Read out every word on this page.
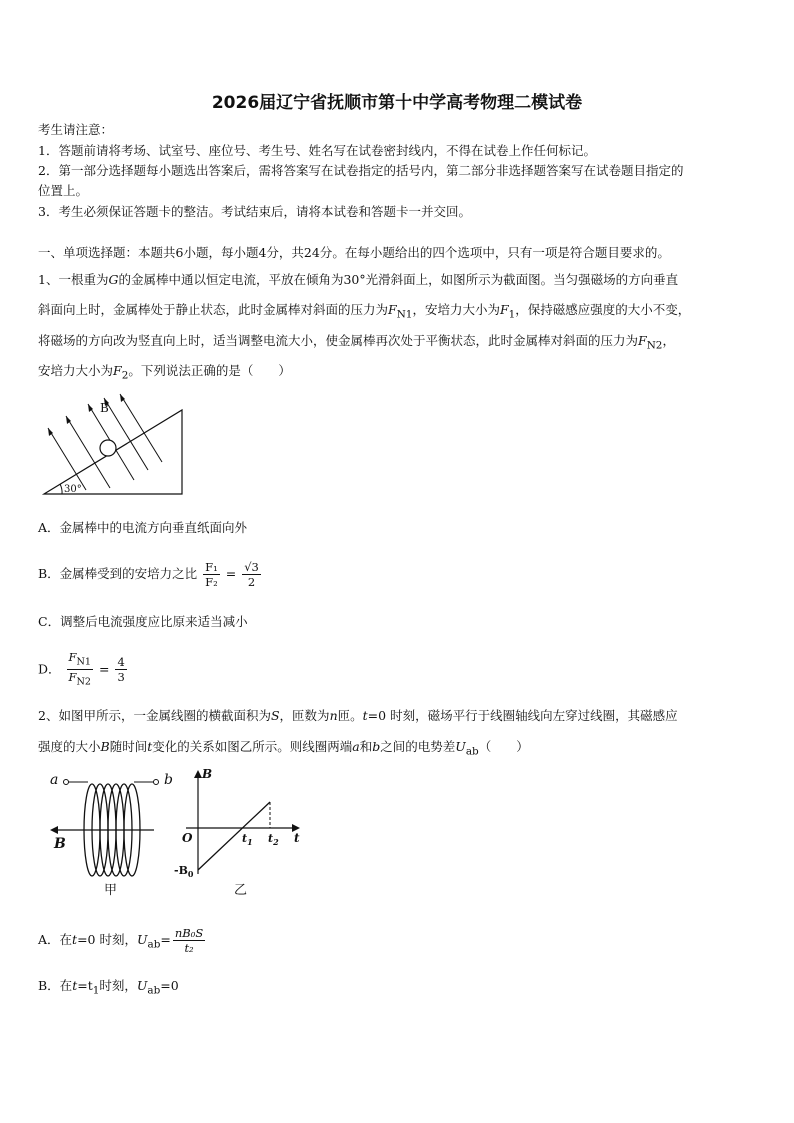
2026届辽宁省抚顺市第十中学高考物理二模试卷
考生请注意：
1．答题前请将考场、试室号、座位号、考生号、姓名写在试卷密封线内，不得在试卷上作任何标记。
2．第一部分选择题每小题选出答案后，需将答案写在试卷指定的括号内，第二部分非选择题答案写在试卷题目指定的
位置上。
3．考生必须保证答题卡的整洁。考试结束后，请将本试卷和答题卡一并交回。
一、单项选择题：本题共6小题，每小题4分，共24分。在每小题给出的四个选项中，只有一项是符合题目要求的。
1、一根重为G的金属棒中通以恒定电流，平放在倾角为30°光滑斜面上，如图所示为截面图。当匀强磁场的方向垂直
斜面向上时，金属棒处于静止状态，此时金属棒对斜面的压力为$F_{N1}$，安培力大小为$F_1$，保持磁感应强度的大小不变，
将磁场的方向改为竖直向上时，适当调整电流大小，使金属棒再次处于平衡状态，此时金属棒对斜面的压力为$F_{N2}$，
安培力大小为$F_2$。下列说法正确的是（　　）
B
30°
A．金属棒中的电流方向垂直纸面向外
B．金属棒受到的安培力之比 $\frac{\text{F₁}}{\text{F₂}} = \frac{√3}{2}$
C．调整后电流强度应比原来适当减小
D． $\frac{F_{N1}}{F_{N2}} = \frac{4}{3}$
2、如图甲所示，一金属线圈的横截面积为S，匝数为n匝。t=0 时刻，磁场平行于线圈轴线向左穿过线圈，其磁感应
强度的大小B随时间t变化的关系如图乙所示。则线圈两端a和b之间的电势差$U_{ab}$（　　）
a	b
B
甲
B
O	t
$t_1$ $t_2$
$-B_0$
乙
A．在t=0 时刻，$U_{ab}= \frac{\text{nB₀S}}{\text{t₂}}$
B．在$t=t_1$时刻，$U_{ab}=0$
